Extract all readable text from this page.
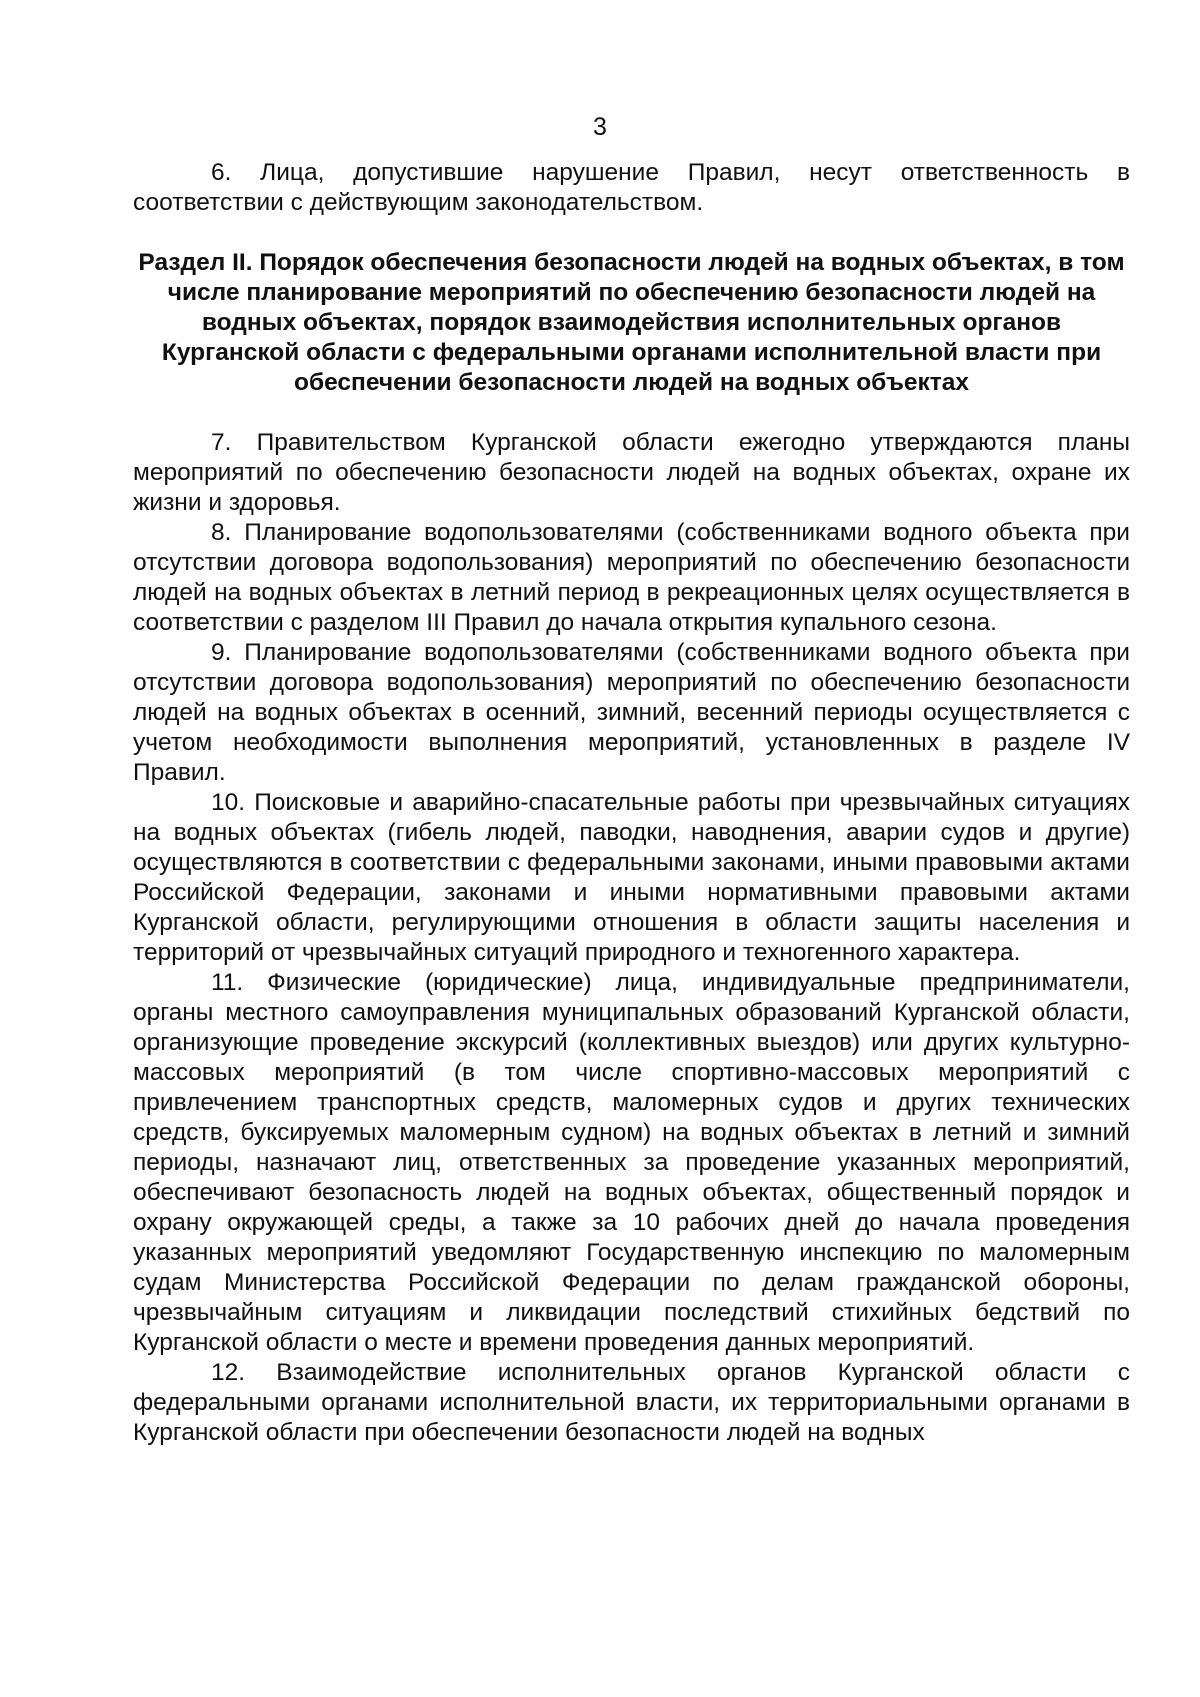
3

6. Лица, допустившие нарушение Правил, несут ответственность в соответствии с действующим законодательством.

Раздел II. Порядок обеспечения безопасности людей на водных объектах, в том числе планирование мероприятий по обеспечению безопасности людей на водных объектах, порядок взаимодействия исполнительных органов Курганской области с федеральными органами исполнительной власти при обеспечении безопасности людей на водных объектах

7. Правительством Курганской области ежегодно утверждаются планы мероприятий по обеспечению безопасности людей на водных объектах, охране их жизни и здоровья.

8. Планирование водопользователями (собственниками водного объекта при отсутствии договора водопользования) мероприятий по обеспечению безопасности людей на водных объектах в летний период в рекреационных целях осуществляется в соответствии с разделом III Правил до начала открытия купального сезона.

9. Планирование водопользователями (собственниками водного объекта при отсутствии договора водопользования) мероприятий по обеспечению безопасности людей на водных объектах в осенний, зимний, весенний периоды осуществляется с учетом необходимости выполнения мероприятий, установленных в разделе IV Правил.

10. Поисковые и аварийно-спасательные работы при чрезвычайных ситуациях на водных объектах (гибель людей, паводки, наводнения, аварии судов и другие) осуществляются в соответствии с федеральными законами, иными правовыми актами Российской Федерации, законами и иными нормативными правовыми актами Курганской области, регулирующими отношения в области защиты населения и территорий от чрезвычайных ситуаций природного и техногенного характера.

11. Физические (юридические) лица, индивидуальные предприниматели, органы местного самоуправления муниципальных образований Курганской области, организующие проведение экскурсий (коллективных выездов) или других культурно-массовых мероприятий (в том числе спортивно-массовых мероприятий с привлечением транспортных средств, маломерных судов и других технических средств, буксируемых маломерным судном) на водных объектах в летний и зимний периоды, назначают лиц, ответственных за проведение указанных мероприятий, обеспечивают безопасность людей на водных объектах, общественный порядок и охрану окружающей среды, а также за 10 рабочих дней до начала проведения указанных мероприятий уведомляют Государственную инспекцию по маломерным судам Министерства Российской Федерации по делам гражданской обороны, чрезвычайным ситуациям и ликвидации последствий стихийных бедствий по Курганской области о месте и времени проведения данных мероприятий.

12. Взаимодействие исполнительных органов Курганской области с федеральными органами исполнительной власти, их территориальными органами в Курганской области при обеспечении безопасности людей на водных
